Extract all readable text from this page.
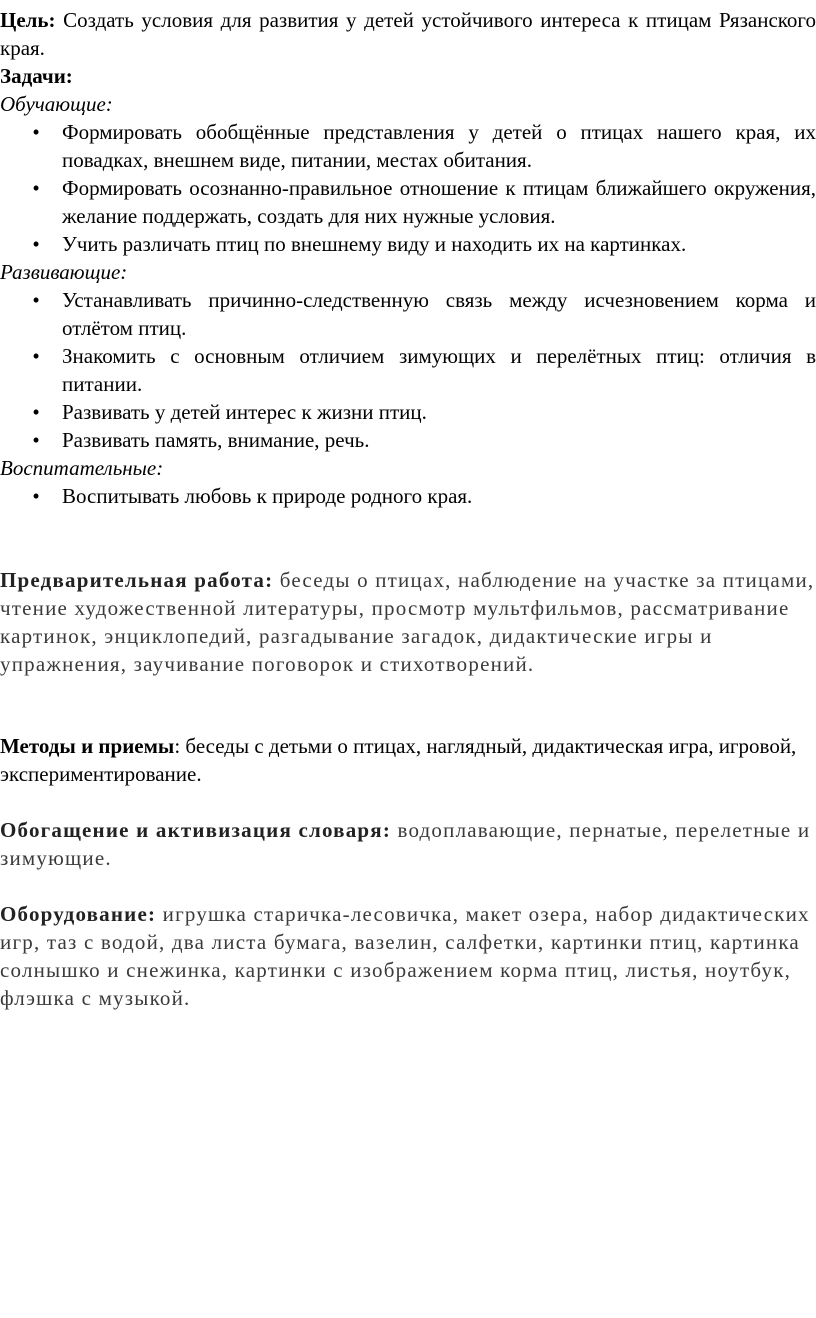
Цель: Создать условия для развития у детей устойчивого интереса к птицам Рязанского края.

Задачи:

Обучающие:

• Формировать обобщённые представления у детей о птицах нашего края, их повадках, внешнем виде, питании, местах обитания.
• Формировать осознанно-правильное отношение к птицам ближайшего окружения, желание поддержать, создать для них нужные условия.
• Учить различать птиц по внешнему виду и находить их на картинках.

Развивающие:

• Устанавливать причинно-следственную связь между исчезновением корма и отлётом птиц.
• Знакомить с основным отличием зимующих и перелётных птиц: отличия в питании.
• Развивать у детей интерес к жизни птиц.
• Развивать память, внимание, речь.

Воспитательные:

• Воспитывать любовь к природе родного края.

Предварительная работа: беседы о птицах, наблюдение на участке за птицами, чтение художественной литературы, просмотр мультфильмов, рассматривание картинок, энциклопедий, разгадывание загадок, дидактические игры и упражнения, заучивание поговорок и стихотворений.

Методы и приемы: беседы с детьми о птицах, наглядный, дидактическая игра, игровой, экспериментирование.

Обогащение и активизация словаря: водоплавающие, пернатые, перелетные и зимующие.

Оборудование: игрушка старичка-лесовичка, макет озера, набор дидактических игр, таз с водой, два листа бумага, вазелин, салфетки, картинки птиц, картинка солнышко и снежинка, картинки с изображением корма птиц, листья, ноутбук, флэшка с музыкой.
